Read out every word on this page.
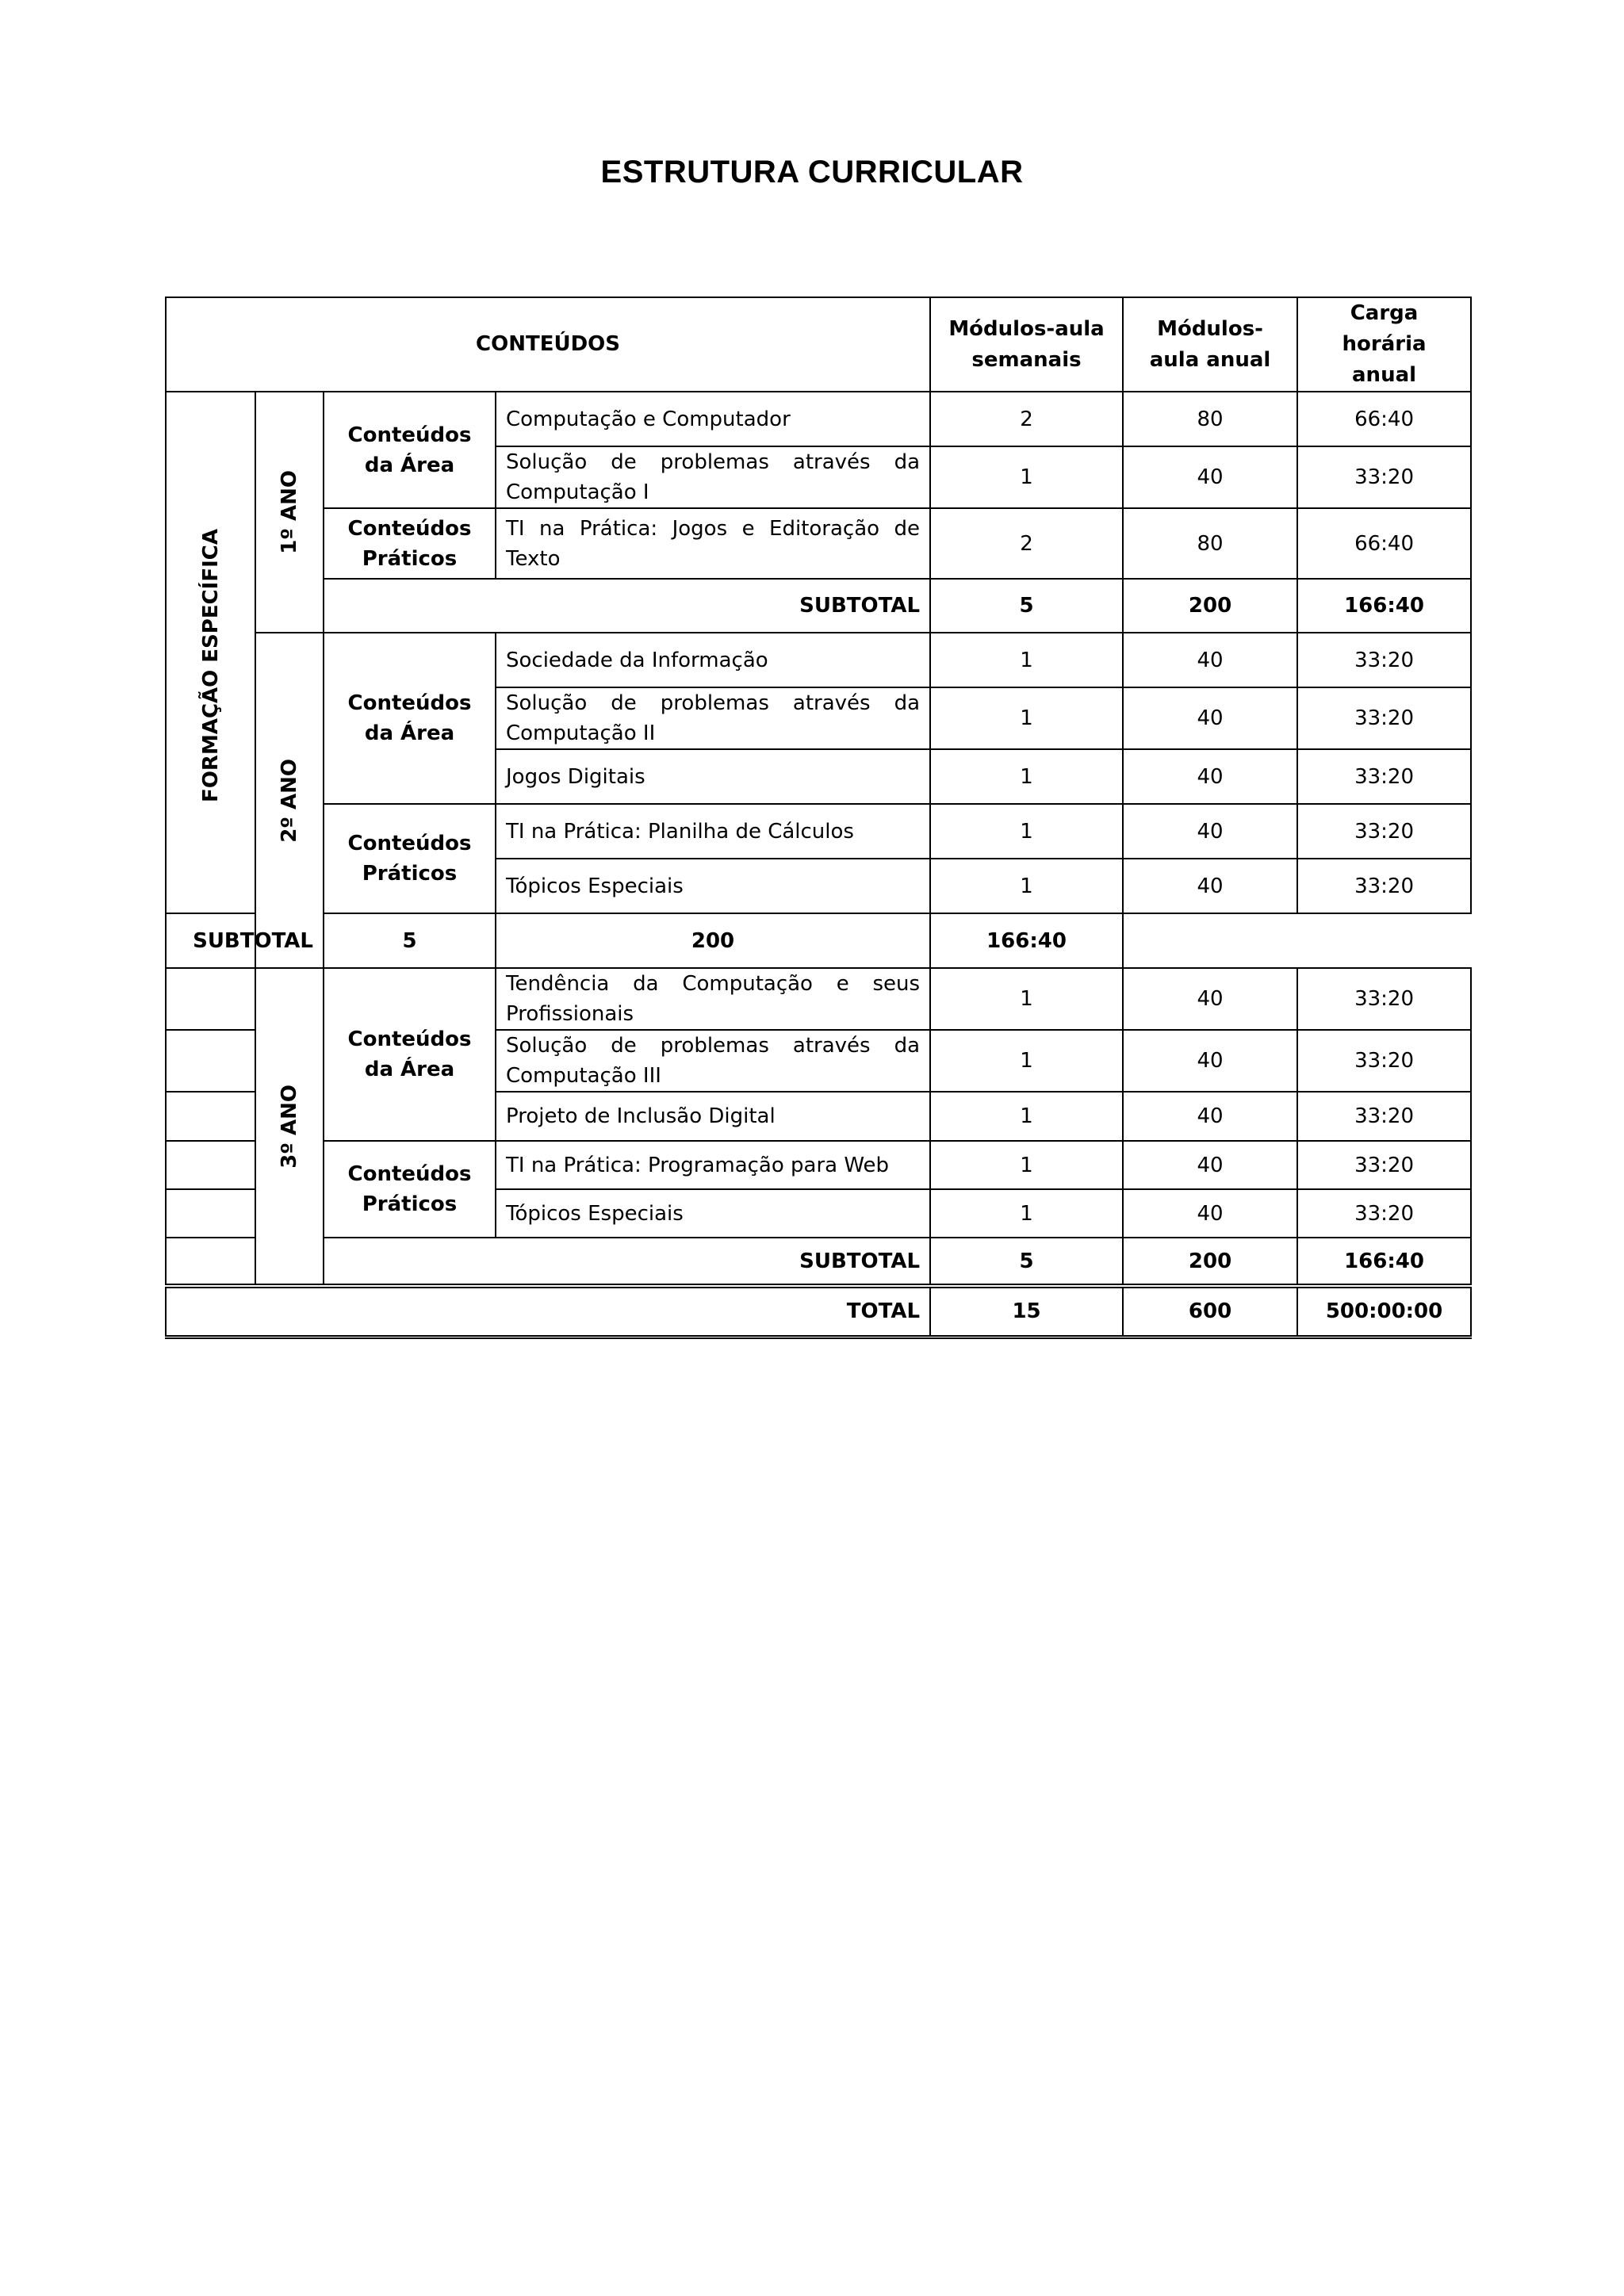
ESTRUTURA CURRICULAR
CONTEÚDOS				Módulos-aula semanais	Módulos-aula anual	Carga horária anual

FORMAÇÃO ESPECÍFICA	1º ANO	Conteúdos da Área	Computação e Computador	2	80	66:40
			Solução de problemas através da Computação I	1	40	33:20
		Conteúdos Práticos	TI na Prática: Jogos e Editoração de Texto	2	80	66:40
		SUBTOTAL		5	200	166:40

	2º ANO	Conteúdos da Área	Sociedade da Informação	1	40	33:20
			Solução de problemas através da Computação II	1	40	33:20
			Jogos Digitais	1	40	33:20
		Conteúdos Práticos	TI na Prática: Planilha de Cálculos	1	40	33:20
			Tópicos Especiais	1	40	33:20
SUBTOTAL		5	200	166:40		

	3º ANO	Conteúdos da Área	Tendência da Computação e seus Profissionais	1	40	33:20
			Solução de problemas através da Computação III	1	40	33:20
			Projeto de Inclusão Digital	1	40	33:20
		Conteúdos Práticos	TI na Prática: Programação para Web	1	40	33:20
			Tópicos Especiais	1	40	33:20
		SUBTOTAL		5	200	166:40
TOTAL				15	600	500:00:00
